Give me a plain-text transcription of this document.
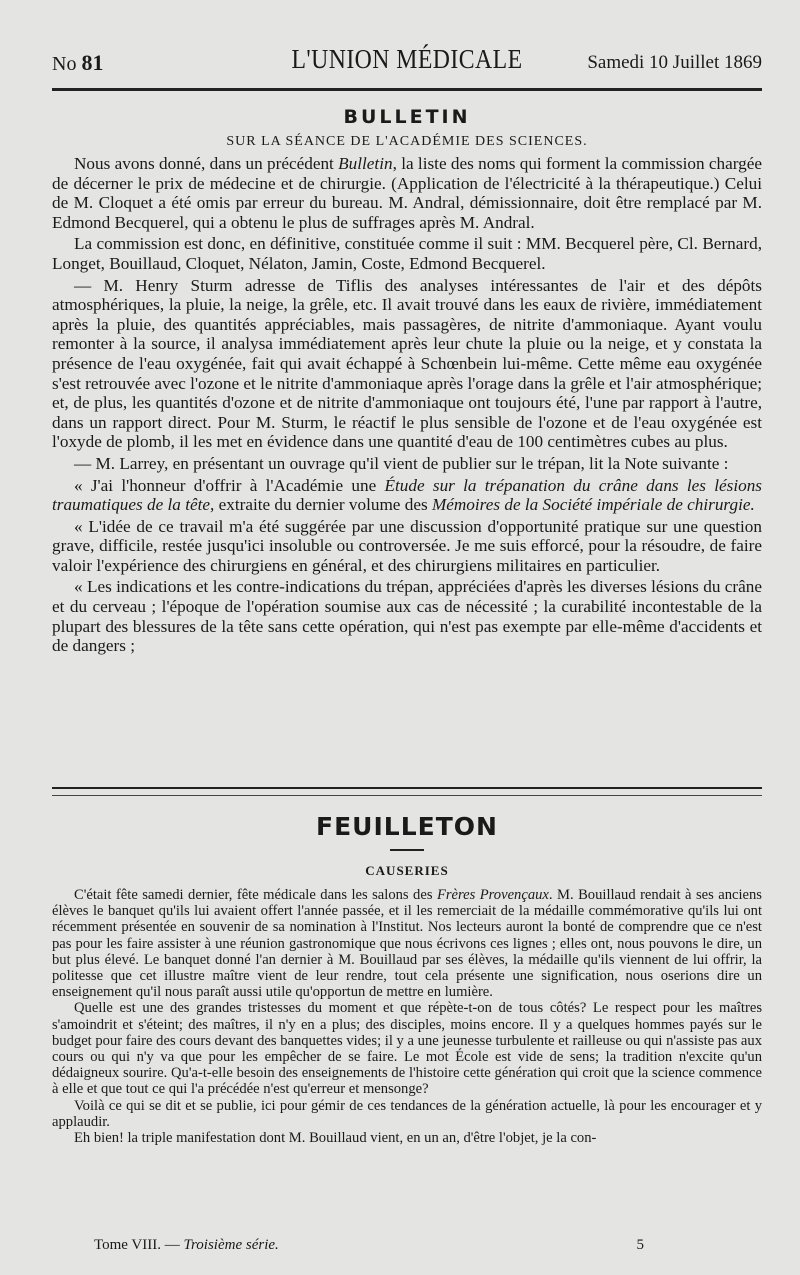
No 81	L'UNION MÉDICALE	Samedi 10 Juillet 1869
BULLETIN
SUR LA SÉANCE DE L'ACADÉMIE DES SCIENCES.

Nous avons donné, dans un précédent Bulletin, la liste des noms qui forment la commission chargée de décerner le prix de médecine et de chirurgie. (Application de l'électricité à la thérapeutique.) Celui de M. Cloquet a été omis par erreur du bureau. M. Andral, démissionnaire, doit être remplacé par M. Edmond Becquerel, qui a obtenu le plus de suffrages après M. Andral.

La commission est donc, en définitive, constituée comme il suit : MM. Becquerel père, Cl. Bernard, Longet, Bouillaud, Cloquet, Nélaton, Jamin, Coste, Edmond Becquerel.

— M. Henry Sturm adresse de Tiflis des analyses intéressantes de l'air et des dépôts atmosphériques, la pluie, la neige, la grêle, etc. Il avait trouvé dans les eaux de rivière, immédiatement après la pluie, des quantités appréciables, mais passagères, de nitrite d'ammoniaque. Ayant voulu remonter à la source, il analysa immédiatement après leur chute la pluie ou la neige, et y constata la présence de l'eau oxygénée, fait qui avait échappé à Schœnbein lui-même. Cette même eau oxygénée s'est retrouvée avec l'ozone et le nitrite d'ammoniaque après l'orage dans la grêle et l'air atmosphérique; et, de plus, les quantités d'ozone et de nitrite d'ammoniaque ont toujours été, l'une par rapport à l'autre, dans un rapport direct. Pour M. Sturm, le réactif le plus sensible de l'ozone et de l'eau oxygénée est l'oxyde de plomb, il les met en évidence dans une quantité d'eau de 100 centimètres cubes au plus.

— M. Larrey, en présentant un ouvrage qu'il vient de publier sur le trépan, lit la Note suivante :

« J'ai l'honneur d'offrir à l'Académie une Étude sur la trépanation du crâne dans les lésions traumatiques de la tête, extraite du dernier volume des Mémoires de la Société impériale de chirurgie.

« L'idée de ce travail m'a été suggérée par une discussion d'opportunité pratique sur une question grave, difficile, restée jusqu'ici insoluble ou controversée. Je me suis efforcé, pour la résoudre, de faire valoir l'expérience des chirurgiens en général, et des chirurgiens militaires en particulier.

« Les indications et les contre-indications du trépan, appréciées d'après les diverses lésions du crâne et du cerveau ; l'époque de l'opération soumise aux cas de nécessité ; la curabilité incontestable de la plupart des blessures de la tête sans cette opération, qui n'est pas exempte par elle-même d'accidents et de dangers ;

FEUILLETON
CAUSERIES

C'était fête samedi dernier, fête médicale dans les salons des Frères Provençaux. M. Bouillaud rendait à ses anciens élèves le banquet qu'ils lui avaient offert l'année passée, et il les remerciait de la médaille commémorative qu'ils lui ont récemment présentée en souvenir de sa nomination à l'Institut. Nos lecteurs auront la bonté de comprendre que ce n'est pas pour les faire assister à une réunion gastronomique que nous écrivons ces lignes ; elles ont, nous pouvons le dire, un but plus élevé. Le banquet donné l'an dernier à M. Bouillaud par ses élèves, la médaille qu'ils viennent de lui offrir, la politesse que cet illustre maître vient de leur rendre, tout cela présente une signification, nous oserions dire un enseignement qu'il nous paraît aussi utile qu'opportun de mettre en lumière.

Quelle est une des grandes tristesses du moment et que répète-t-on de tous côtés? Le respect pour les maîtres s'amoindrit et s'éteint; des maîtres, il n'y en a plus; des disciples, moins encore. Il y a quelques hommes payés sur le budget pour faire des cours devant des banquettes vides; il y a une jeunesse turbulente et railleuse ou qui n'assiste pas aux cours ou qui n'y va que pour les empêcher de se faire. Le mot École est vide de sens; la tradition n'excite qu'un dédaigneux sourire. Qu'a-t-elle besoin des enseignements de l'histoire cette génération qui croit que la science commence à elle et que tout ce qui l'a précédée n'est qu'erreur et mensonge?

Voilà ce qui se dit et se publie, ici pour gémir de ces tendances de la génération actuelle, là pour les encourager et y applaudir.

Eh bien! la triple manifestation dont M. Bouillaud vient, en un an, d'être l'objet, je la con-

Tome VIII. — Troisième série.	5
